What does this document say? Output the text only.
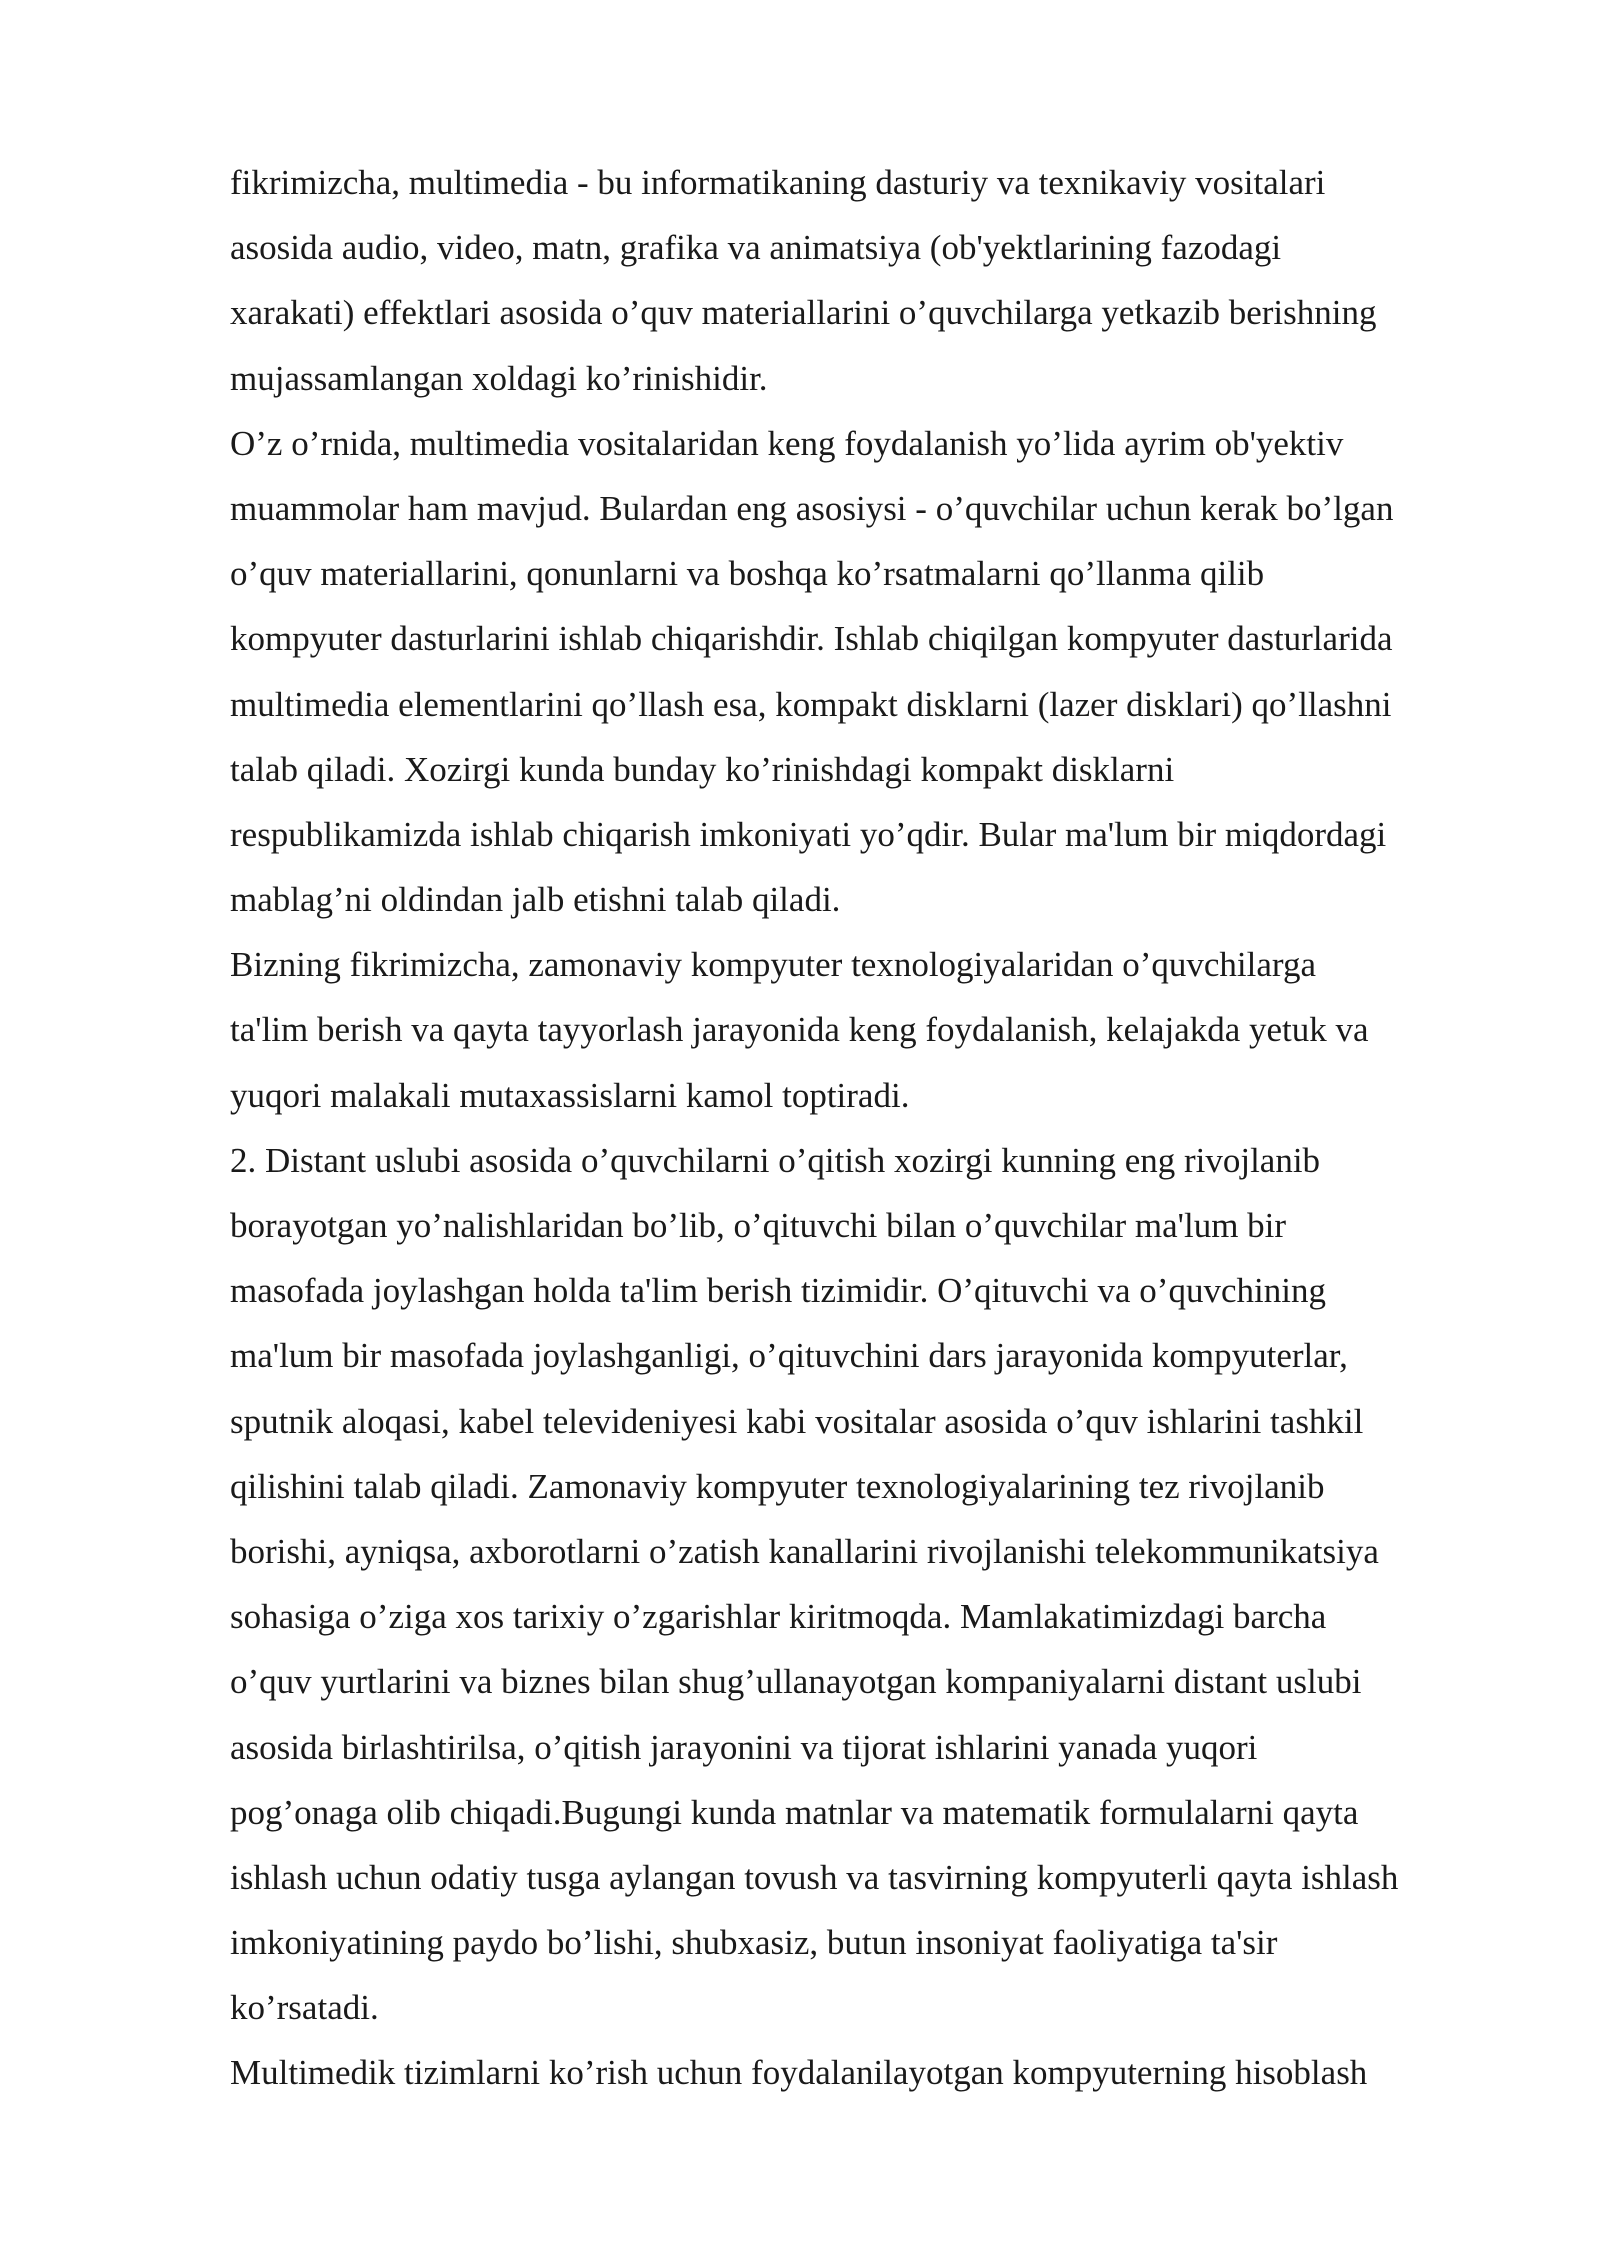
fikrimizcha, multimedia - bu informatikaning dasturiy va texnikaviy vositalari
asosida audio, video, matn, grafika va animatsiya (ob'yektlarining fazodagi
xarakati) effektlari asosida o’quv materiallarini o’quvchilarga yetkazib berishning
mujassamlangan xoldagi ko’rinishidir.
O’z o’rnida, multimedia vositalaridan keng foydalanish yo’lida ayrim ob'yektiv
muammolar ham mavjud. Bulardan eng asosiysi - o’quvchilar uchun kerak bo’lgan
o’quv materiallarini, qonunlarni va boshqa ko’rsatmalarni qo’llanma qilib
kompyuter dasturlarini ishlab chiqarishdir. Ishlab chiqilgan kompyuter dasturlarida
multimedia elementlarini qo’llash esa, kompakt disklarni (lazer disklari) qo’llashni
talab qiladi. Xozirgi kunda bunday ko’rinishdagi kompakt disklarni
respublikamizda ishlab chiqarish imkoniyati yo’qdir. Bular ma'lum bir miqdordagi
mablag’ni oldindan jalb etishni talab qiladi.
Bizning fikrimizcha, zamonaviy kompyuter texnologiyalaridan o’quvchilarga
ta'lim berish va qayta tayyorlash jarayonida keng foydalanish, kelajakda yetuk va
yuqori malakali mutaxassislarni kamol toptiradi.
2. Distant uslubi asosida o’quvchilarni o’qitish xozirgi kunning eng rivojlanib
borayotgan yo’nalishlaridan bo’lib, o’qituvchi bilan o’quvchilar ma'lum bir
masofada joylashgan holda ta'lim berish tizimidir. O’qituvchi va o’quvchining
ma'lum bir masofada joylashganligi, o’qituvchini dars jarayonida kompyuterlar,
sputnik aloqasi, kabel televideniyesi kabi vositalar asosida o’quv ishlarini tashkil
qilishini talab qiladi. Zamonaviy kompyuter texnologiyalarining tez rivojlanib
borishi, ayniqsa, axborotlarni o’zatish kanallarini rivojlanishi telekommunikatsiya
sohasiga o’ziga xos tarixiy o’zgarishlar kiritmoqda. Mamlakatimizdagi barcha
o’quv yurtlarini va biznes bilan shug’ullanayotgan kompaniyalarni distant uslubi
asosida birlashtirilsa, o’qitish jarayonini va tijorat ishlarini yanada yuqori
pog’onaga olib chiqadi.Bugungi kunda matnlar va matematik formulalarni qayta
ishlash uchun odatiy tusga aylangan tovush va tasvirning kompyuterli qayta ishlash
imkoniyatining paydo bo’lishi, shubxasiz, butun insoniyat faoliyatiga ta'sir
ko’rsatadi.
Multimedik tizimlarni ko’rish uchun foydalanilayotgan kompyuterning hisoblash
